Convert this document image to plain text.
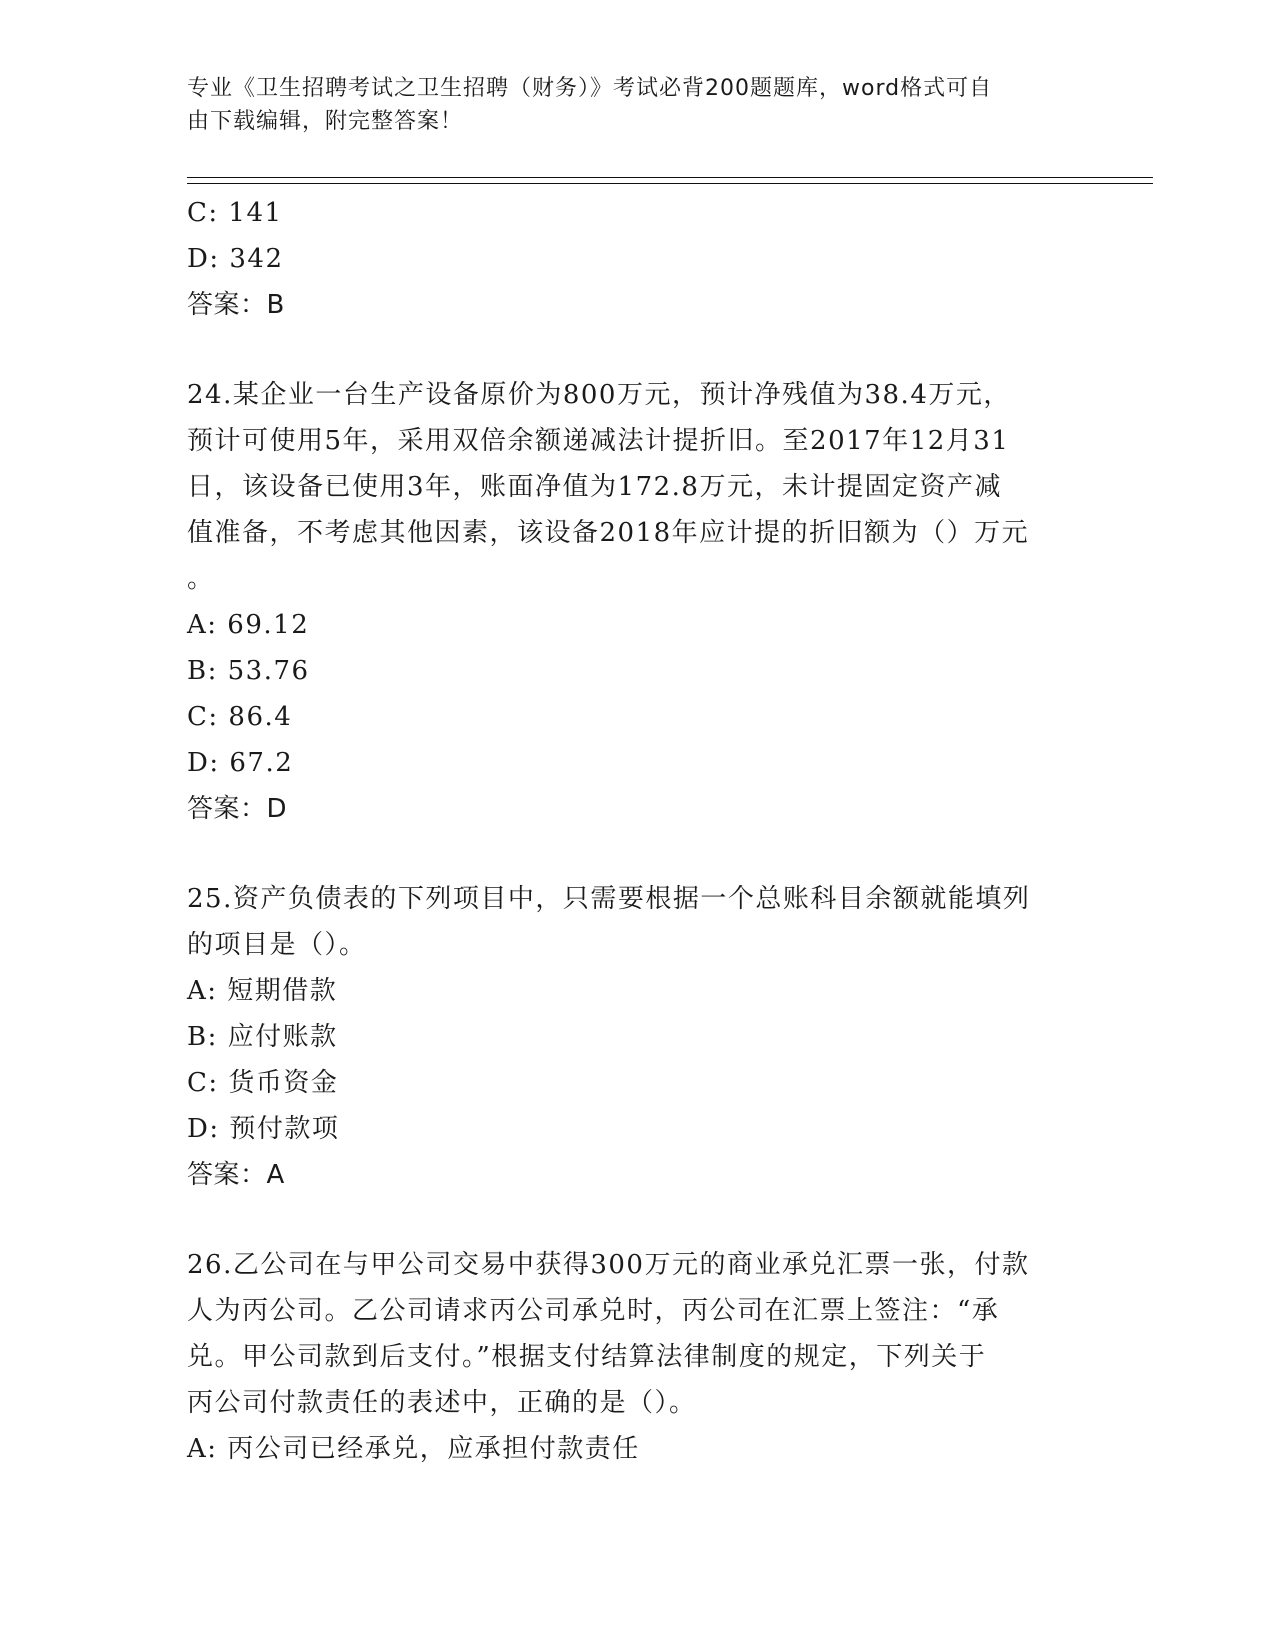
专业《卫生招聘考试之卫生招聘（财务）》考试必背200题题库，word格式可自
由下载编辑，附完整答案！
C: 141
D: 342
答案：B
24.某企业一台生产设备原价为800万元，预计净残值为38.4万元，
预计可使用5年，采用双倍余额递减法计提折旧。至2017年12月31
日，该设备已使用3年，账面净值为172.8万元，未计提固定资产减
值准备，不考虑其他因素，该设备2018年应计提的折旧额为（）万元
。
A: 69.12
B: 53.76
C: 86.4
D: 67.2
答案：D
25.资产负债表的下列项目中，只需要根据一个总账科目余额就能填列
的项目是（）。
A: 短期借款
B: 应付账款
C: 货币资金
D: 预付款项
答案：A
26.乙公司在与甲公司交易中获得300万元的商业承兑汇票一张，付款
人为丙公司。乙公司请求丙公司承兑时，丙公司在汇票上签注：“承
兑。甲公司款到后支付。”根据支付结算法律制度的规定，下列关于
丙公司付款责任的表述中，正确的是（）。
A: 丙公司已经承兑，应承担付款责任
